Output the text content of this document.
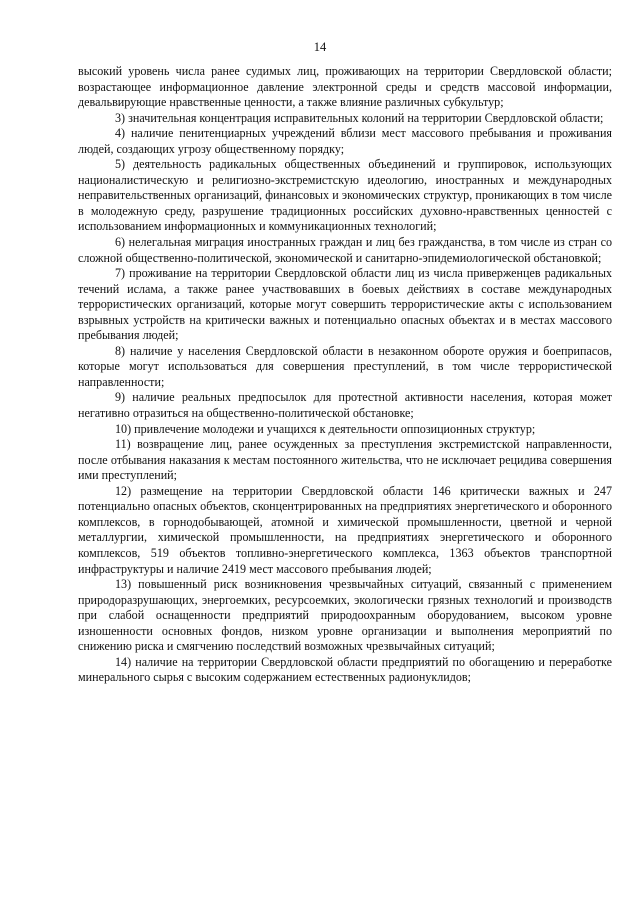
14

высокий уровень числа ранее судимых лиц, проживающих на территории Свердловской области; возрастающее информационное давление электронной среды и средств массовой информации, девальвирующие нравственные ценности, а также влияние различных субкультур;

3) значительная концентрация исправительных колоний на территории Свердловской области;

4) наличие пенитенциарных учреждений вблизи мест массового пребывания и проживания людей, создающих угрозу общественному порядку;

5) деятельность радикальных общественных объединений и группировок, использующих националистическую и религиозно-экстремистскую идеологию, иностранных и международных неправительственных организаций, финансовых и экономических структур, проникающих в том числе в молодежную среду, разрушение традиционных российских духовно-нравственных ценностей с использованием информационных и коммуникационных технологий;

6) нелегальная миграция иностранных граждан и лиц без гражданства, в том числе из стран со сложной общественно-политической, экономической и санитарно-эпидемиологической обстановкой;

7) проживание на территории Свердловской области лиц из числа приверженцев радикальных течений ислама, а также ранее участвовавших в боевых действиях в составе международных террористических организаций, которые могут совершить террористические акты с использованием взрывных устройств на критически важных и потенциально опасных объектах и в местах массового пребывания людей;

8) наличие у населения Свердловской области в незаконном обороте оружия и боеприпасов, которые могут использоваться для совершения преступлений, в том числе террористической направленности;

9) наличие реальных предпосылок для протестной активности населения, которая может негативно отразиться на общественно-политической обстановке;

10) привлечение молодежи и учащихся к деятельности оппозиционных структур;

11) возвращение лиц, ранее осужденных за преступления экстремистской направленности, после отбывания наказания к местам постоянного жительства, что не исключает рецидива совершения ими преступлений;

12) размещение на территории Свердловской области 146 критически важных и 247 потенциально опасных объектов, сконцентрированных на предприятиях энергетического и оборонного комплексов, в горнодобывающей, атомной и химической промышленности, цветной и черной металлургии, химической промышленности, на предприятиях энергетического и оборонного комплексов, 519 объектов топливно-энергетического комплекса, 1363 объектов транспортной инфраструктуры и наличие 2419 мест массового пребывания людей;

13) повышенный риск возникновения чрезвычайных ситуаций, связанный с применением природоразрушающих, энергоемких, ресурсоемких, экологически грязных технологий и производств при слабой оснащенности предприятий природоохранным оборудованием, высоком уровне изношенности основных фондов, низком уровне организации и выполнения мероприятий по снижению риска и смягчению последствий возможных чрезвычайных ситуаций;

14) наличие на территории Свердловской области предприятий по обогащению и переработке минерального сырья с высоким содержанием естественных радионуклидов;
